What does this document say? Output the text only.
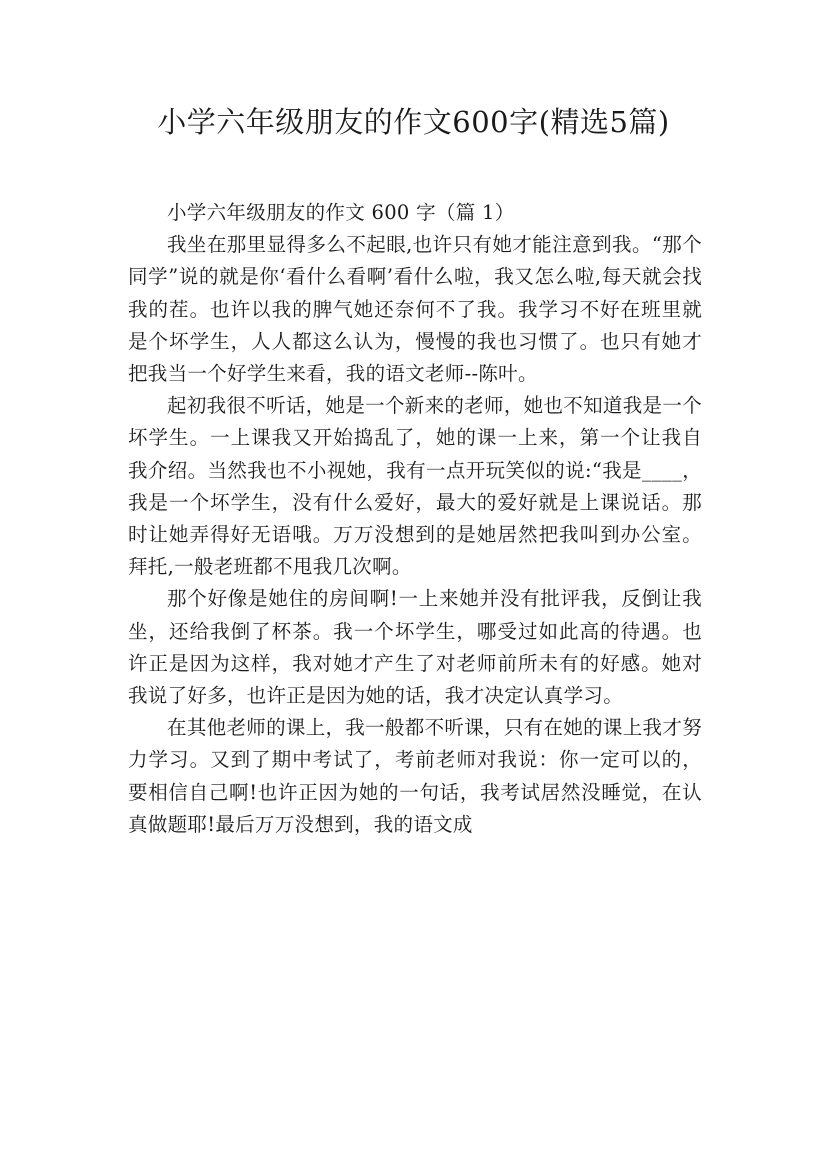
小学六年级朋友的作文600字(精选5篇)

小学六年级朋友的作文 600 字（篇 1）

我坐在那里显得多么不起眼,也许只有她才能注意到我。“那个同学”说的就是你‘看什么看啊’看什么啦，我又怎么啦,每天就会找我的茬。也许以我的脾气她还奈何不了我。我学习不好在班里就是个坏学生，人人都这么认为，慢慢的我也习惯了。也只有她才把我当一个好学生来看，我的语文老师--陈叶。

起初我很不听话，她是一个新来的老师，她也不知道我是一个坏学生。一上课我又开始捣乱了，她的课一上来，第一个让我自我介绍。当然我也不小视她，我有一点开玩笑似的说:“我是____，我是一个坏学生，没有什么爱好，最大的爱好就是上课说话。那时让她弄得好无语哦。万万没想到的是她居然把我叫到办公室。拜托,一般老班都不甩我几次啊。

那个好像是她住的房间啊!一上来她并没有批评我，反倒让我坐，还给我倒了杯茶。我一个坏学生，哪受过如此高的待遇。也许正是因为这样，我对她才产生了对老师前所未有的好感。她对我说了好多，也许正是因为她的话，我才决定认真学习。

在其他老师的课上，我一般都不听课，只有在她的课上我才努力学习。又到了期中考试了，考前老师对我说：你一定可以的，要相信自己啊!也许正因为她的一句话，我考试居然没睡觉，在认真做题耶!最后万万没想到，我的语文成
